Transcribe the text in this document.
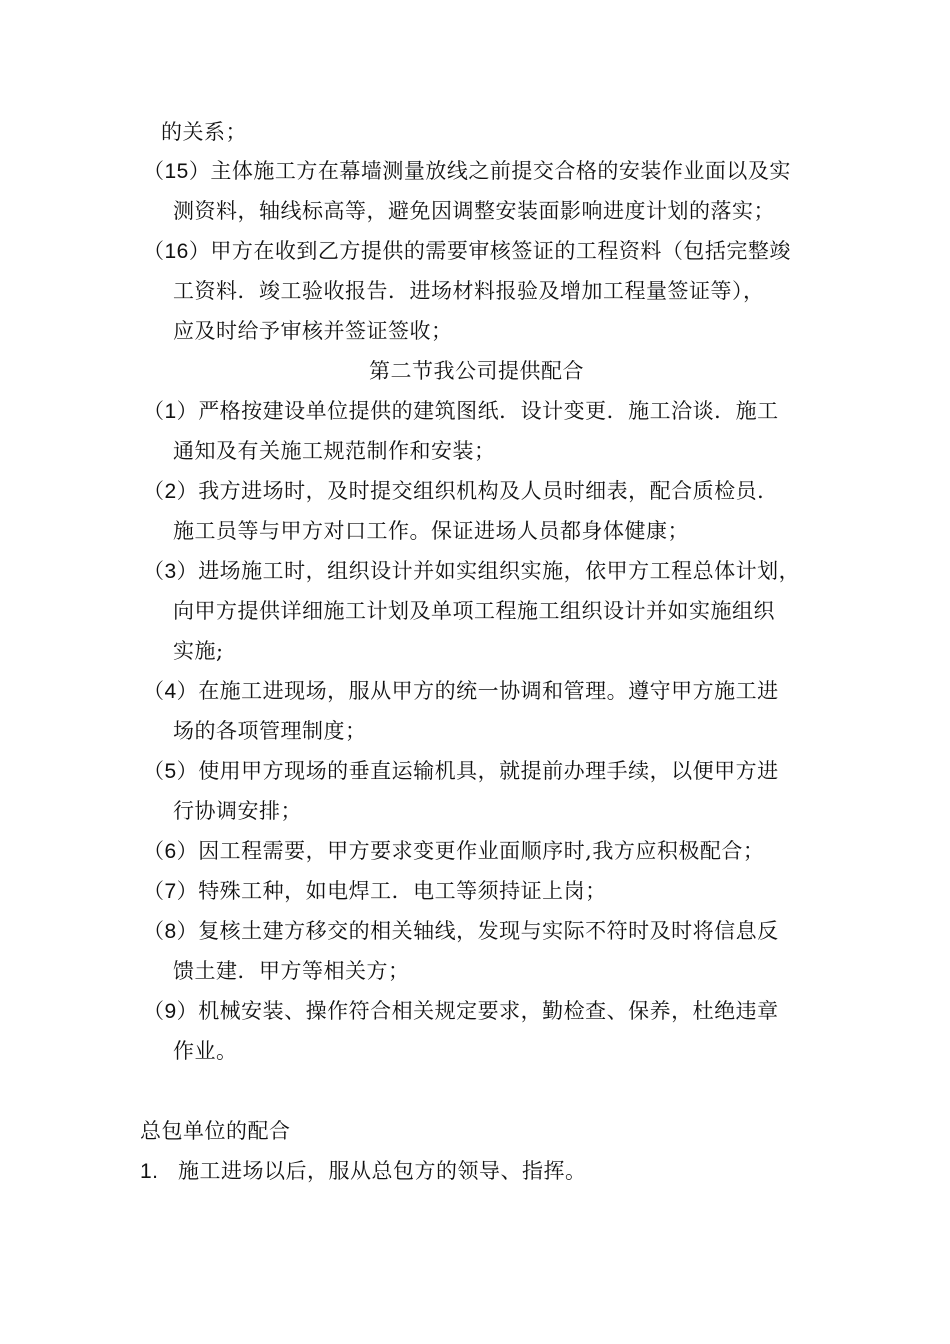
的关系；
（15）主体施工方在幕墙测量放线之前提交合格的安装作业面以及实
测资料，轴线标高等，避免因调整安装面影响进度计划的落实；
（16）甲方在收到乙方提供的需要审核签证的工程资料（包括完整竣
工资料．竣工验收报告．进场材料报验及增加工程量签证等），
应及时给予审核并签证签收；
第二节我公司提供配合
（1）严格按建设单位提供的建筑图纸．设计变更．施工洽谈．施工
通知及有关施工规范制作和安装；
（2）我方进场时，及时提交组织机构及人员时细表，配合质检员．
施工员等与甲方对口工作。保证进场人员都身体健康；
（3）进场施工时，组织设计并如实组织实施，依甲方工程总体计划，
向甲方提供详细施工计划及单项工程施工组织设计并如实施组织
实施;
（4）在施工进现场，服从甲方的统一协调和管理。遵守甲方施工进
场的各项管理制度；
（5）使用甲方现场的垂直运输机具，就提前办理手续，以便甲方进
行协调安排；
（6）因工程需要，甲方要求变更作业面顺序时,我方应积极配合；
（7）特殊工种，如电焊工．电工等须持证上岗；
（8）复核土建方移交的相关轴线，发现与实际不符时及时将信息反
馈土建．甲方等相关方；
（9）机械安装、操作符合相关规定要求，勤检查、保养，杜绝违章
作业。
总包单位的配合
1. 施工进场以后，服从总包方的领导、指挥。
